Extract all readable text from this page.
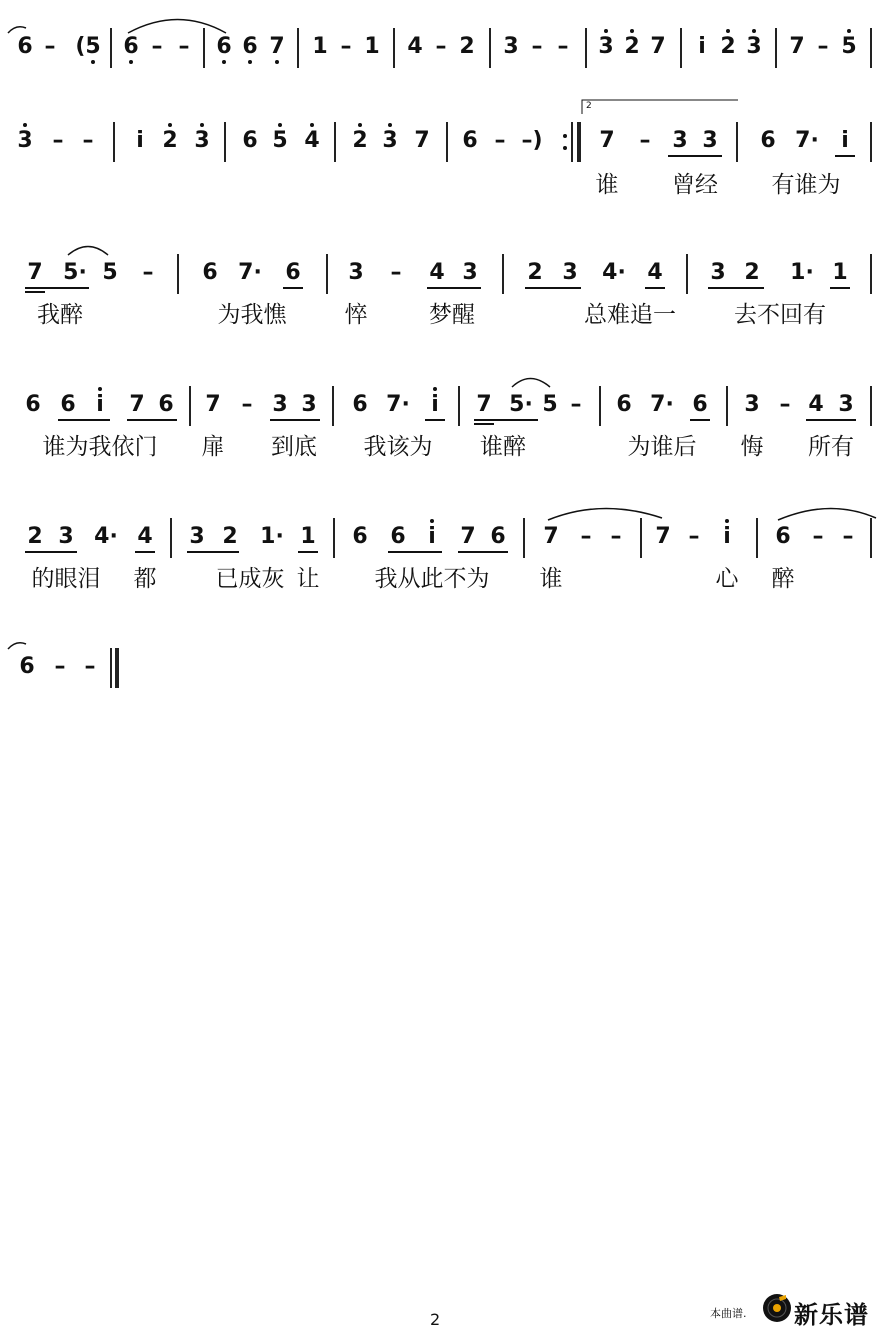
6 – (5 6 – – 6 6 7 1 – 1 4 – 2 3 – – 3 2 7 i 2 3 7 – 5
3 – – i 2 3 6 5 4 2 3 7 6 – –)	7 – 3 3 6 7· i
2
谁 曾经 有谁为
7 5· 5 – 6 7· 6 3 – 4 3 2 3 4· 4 3 2 1· 1
我醉	为我憔	悴	梦醒	总难追一	去不回有
6 6 i 7 6 7 – 3 3 6 7· i 7 5· 5 – 6 7· 6 3 – 4 3
谁为我依门 扉 到底 我该为 谁醉	为谁后 悔 所有
2 3 4· 4 3 2 1· 1 6 6 i 7 6 7 – – 7 – i 6 – –
的眼泪 都	已成灰 让 我从此不为 谁	心 醉
6 – –
2	本曲谱. 新乐谱
